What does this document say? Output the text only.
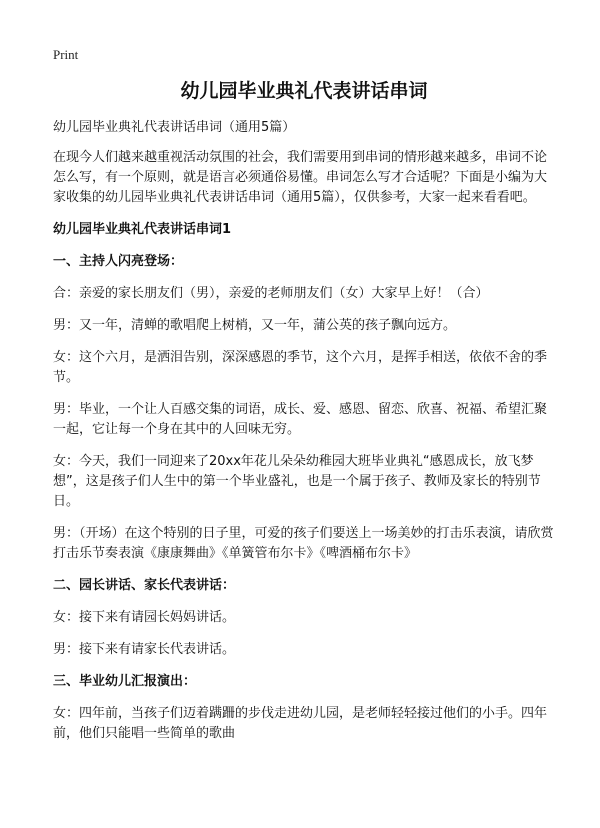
Print
幼儿园毕业典礼代表讲话串词
幼儿园毕业典礼代表讲话串词（通用5篇）
在现今人们越来越重视活动氛围的社会，我们需要用到串词的情形越来越多，串词不论怎么写，有一个原则，就是语言必须通俗易懂。串词怎么写才合适呢？下面是小编为大家收集的幼儿园毕业典礼代表讲话串词（通用5篇），仅供参考，大家一起来看看吧。
幼儿园毕业典礼代表讲话串词1
一、主持人闪亮登场：
合：亲爱的家长朋友们（男），亲爱的老师朋友们（女）大家早上好！（合）
男：又一年，清蝉的歌唱爬上树梢，又一年，蒲公英的孩子飘向远方。
女：这个六月，是洒泪告别，深深感恩的季节，这个六月，是挥手相送，依依不舍的季节。
男：毕业，一个让人百感交集的词语，成长、爱、感恩、留恋、欣喜、祝福、希望汇聚一起，它让每一个身在其中的人回味无穷。
女：今天，我们一同迎来了20xx年花儿朵朵幼稚园大班毕业典礼“感恩成长，放飞梦想”，这是孩子们人生中的第一个毕业盛礼，也是一个属于孩子、教师及家长的特别节日。
男：（开场）在这个特别的日子里，可爱的孩子们要送上一场美妙的打击乐表演，请欣赏打击乐节奏表演《康康舞曲》《单簧管布尔卡》《啤酒桶布尔卡》
二、园长讲话、家长代表讲话：
女：接下来有请园长妈妈讲话。
男：接下来有请家长代表讲话。
三、毕业幼儿汇报演出：
女：四年前，当孩子们迈着蹒跚的步伐走进幼儿园，是老师轻轻接过他们的小手。四年前，他们只能唱一些简单的歌曲
